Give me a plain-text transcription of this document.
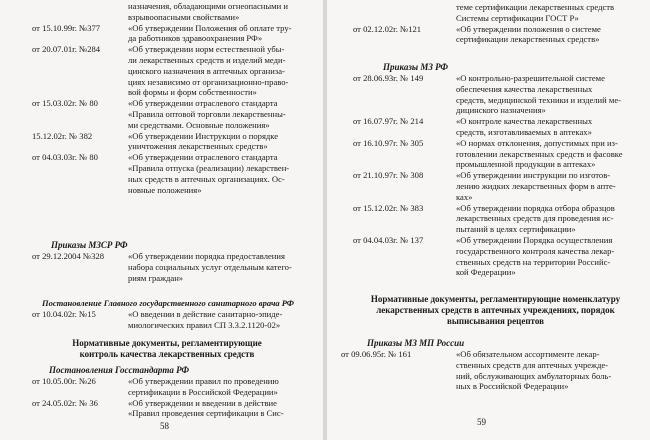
назначения, обладающими огнеопасными и
взрывоопасными свойствами»
от 15.10.99г. №377	«Об утверждении Положения об оплате тру-
да работников здравоохранения РФ»
от 20.07.01г. №284	«Об утверждении норм естественной убы-
ли лекарственных средств и изделий меди-
цинского назначения в аптечных организа-
циях независимо от организационно-право-
вой формы и форм собственности»
от 15.03.02г. № 80	«Об утверждении отраслевого стандарта
«Правила оптовой торговли лекарственны-
ми средствами. Основные положения»
15.12.02г. № 382	«Об утверждении Инструкции о порядке
уничтожения лекарственных средств»
от 04.03.03г. № 80	«Об утверждении отраслевого стандарта
«Правила отпуска (реализации) лекарствен-
ных средств в аптечных организациях. Ос-
новные положения»
Приказы МЗСР РФ
от 29.12.2004 №328	«Об утверждении порядка предоставления
набора социальных услуг отдельным катего-
риям граждан»
Постановление Главного государственного санитарного врача РФ
от 10.04.02г. №15	«О введении в действие санитарно-эпиде-
миологических правил СП 3.3.2.1120-02»
Нормативные документы, регламентирующие
контроль качества лекарственных средств
Постановления Госстандарта РФ
от 10.05.00г. №26	«Об утверждении правил по проведению
сертификации в Российской Федерации»
от 24.05.02г. № 36	«Об утверждении и введении в действие
«Правил проведения сертификации в Сис-
58
теме сертификации лекарственных средств
Системы сертификации ГОСТ Р»
от 02.12.02г. №121	«Об утверждении положения о системе
сертификации лекарственных средств»
Приказы МЗ РФ
от 28.06.93г. № 149	«О контрольно-разрешительной системе
обеспечения качества лекарственных
средств, медицинской техники и изделий ме-
дицинского назначения»
от 16.07.97г. № 214	«О контроле качества лекарственных
средств, изготавливаемых в аптеках»
от 16.10.97г. № 305	«О нормах отклонения, допустимых при из-
готовлении лекарственных средств и фасовке
промышленной продукции в аптеках»
от 21.10.97г. № 308	«Об утверждении инструкции по изготов-
лению жидких лекарственных форм в апте-
ках»
от 15.12.02г. № 383	«Об утверждении порядка отбора образцов
лекарственных средств для проведения ис-
пытаний в целях сертификации»
от 04.04.03г. № 137	«Об утверждении Порядка осуществления
государственного контроля качества лекар-
ственных средств на территории Российс-
кой Федерации»
Нормативные документы, регламентирующие номенклатуру
лекарственных средств в аптечных учреждениях, порядок
выписывания рецептов
Приказы МЗ МП России
от 09.06.95г. № 161	«Об обязательном ассортименте лекар-
ственных средств для аптечных учрежде-
ний, обслуживающих амбулаторных боль-
ных в Российской Федерации»
59
